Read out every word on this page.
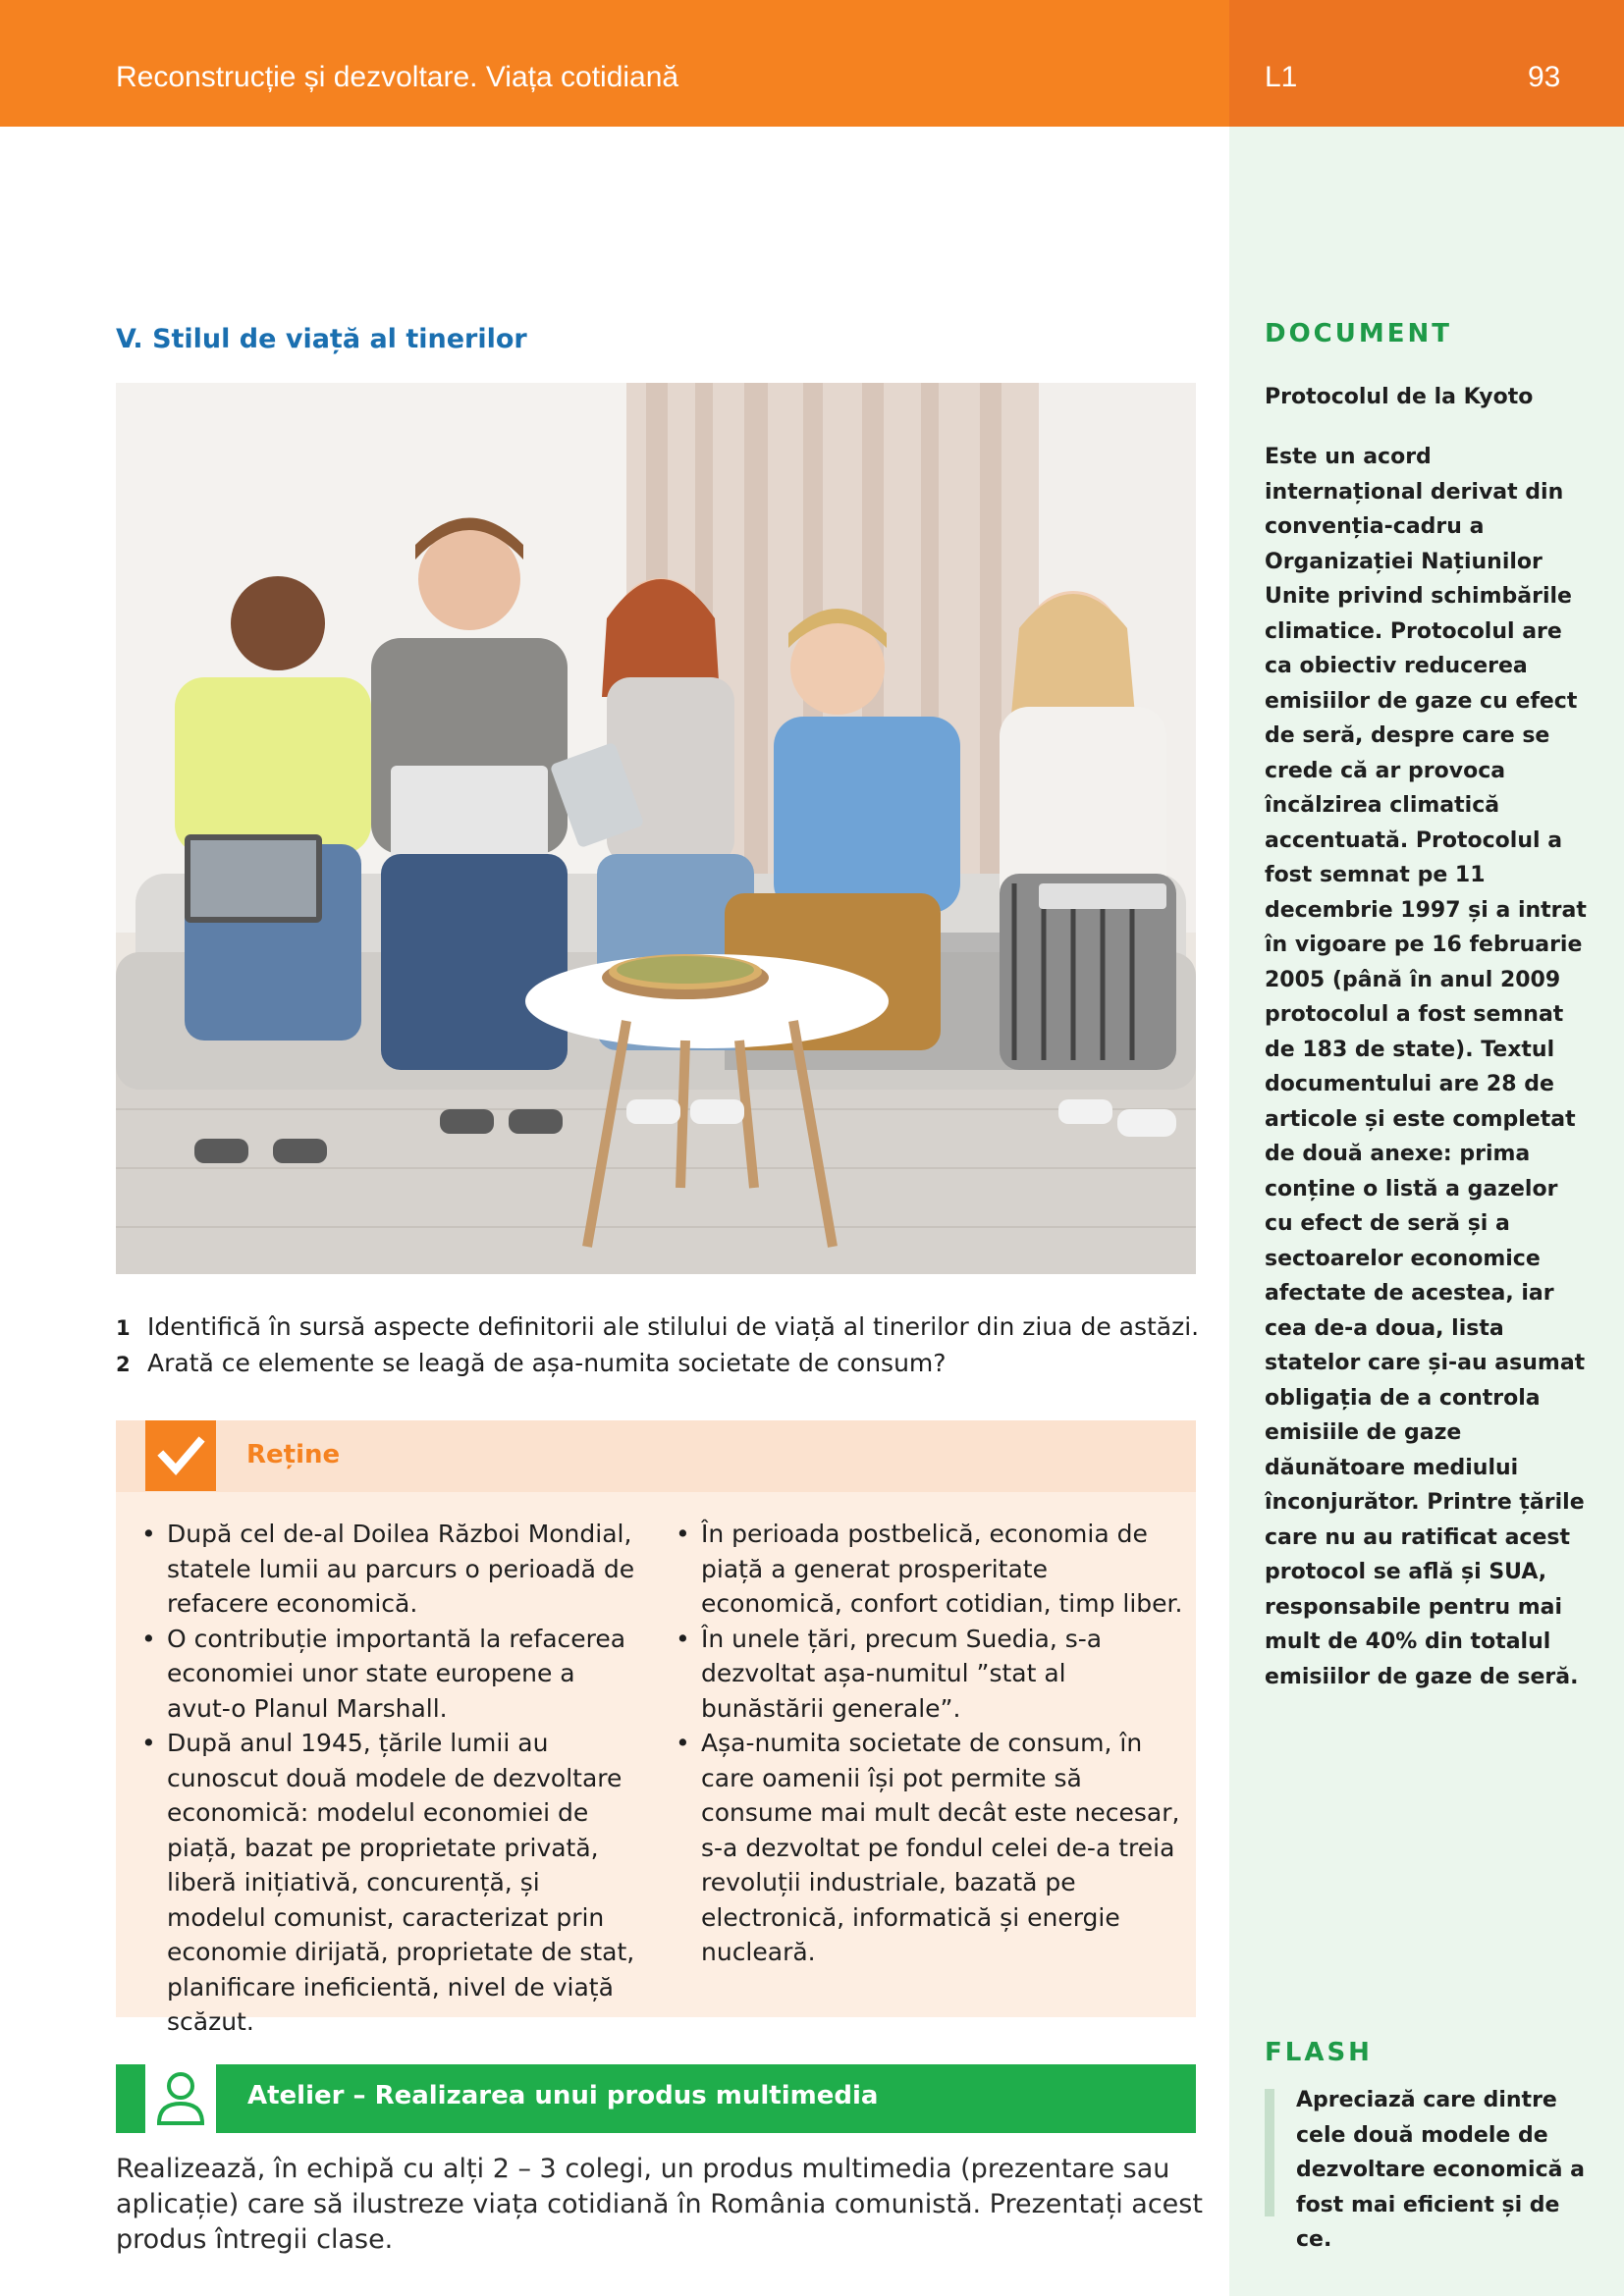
Reconstrucție și dezvoltare. Viața cotidiană	L1	93
V. Stilul de viață al tinerilor
1 Identifică în sursă aspecte definitorii ale stilului de viață al tinerilor din ziua de astăzi.
2 Arată ce elemente se leagă de așa-numita societate de consum?
Reține
• După cel de-al Doilea Război Mondial, statele lumii au parcurs o perioadă de refacere economică.
• O contribuție importantă la refacerea economiei unor state europene a avut-o Planul Marshall.
• După anul 1945, țările lumii au cunoscut două modele de dezvoltare economică: modelul economiei de piață, bazat pe proprietate privată, liberă inițiativă, concurență, și modelul comunist, caracterizat prin economie dirijată, proprietate de stat, planificare ineficientă, nivel de viață scăzut.
• În perioada postbelică, economia de piață a generat prosperitate economică, confort cotidian, timp liber.
• În unele țări, precum Suedia, s-a dezvoltat așa-numitul ”stat al bunăstării generale”.
• Așa-numita societate de consum, în care oamenii își pot permite să consume mai mult decât este necesar, s-a dezvoltat pe fondul celei de-a treia revoluții industriale, bazată pe electronică, informatică și energie nucleară.
Atelier – Realizarea unui produs multimedia
Realizează, în echipă cu alți 2 – 3 colegi, un produs multimedia (prezentare sau aplicație) care să ilustreze viața cotidiană în România comunistă. Prezentați acest produs întregii clase.
DOCUMENT
Protocolul de la Kyoto
Este un acord internațional derivat din convenția-cadru a Organizației Națiunilor Unite privind schimbările climatice. Protocolul are ca obiectiv reducerea emisiilor de gaze cu efect de seră, despre care se crede că ar provoca încălzirea climatică accentuată. Protocolul a fost semnat pe 11 decembrie 1997 și a intrat în vigoare pe 16 februarie 2005 (până în anul 2009 protocolul a fost semnat de 183 de state). Textul documentului are 28 de articole și este completat de două anexe: prima conține o listă a gazelor cu efect de seră și a sectoarelor economice afectate de acestea, iar cea de-a doua, lista statelor care și-au asumat obligația de a controla emisiile de gaze dăunătoare mediului înconjurător. Printre țările care nu au ratificat acest protocol se află și SUA, responsabile pentru mai mult de 40% din totalul emisiilor de gaze de seră.
FLASH
Apreciază care dintre cele două modele de dezvoltare economică a fost mai eficient și de ce.
